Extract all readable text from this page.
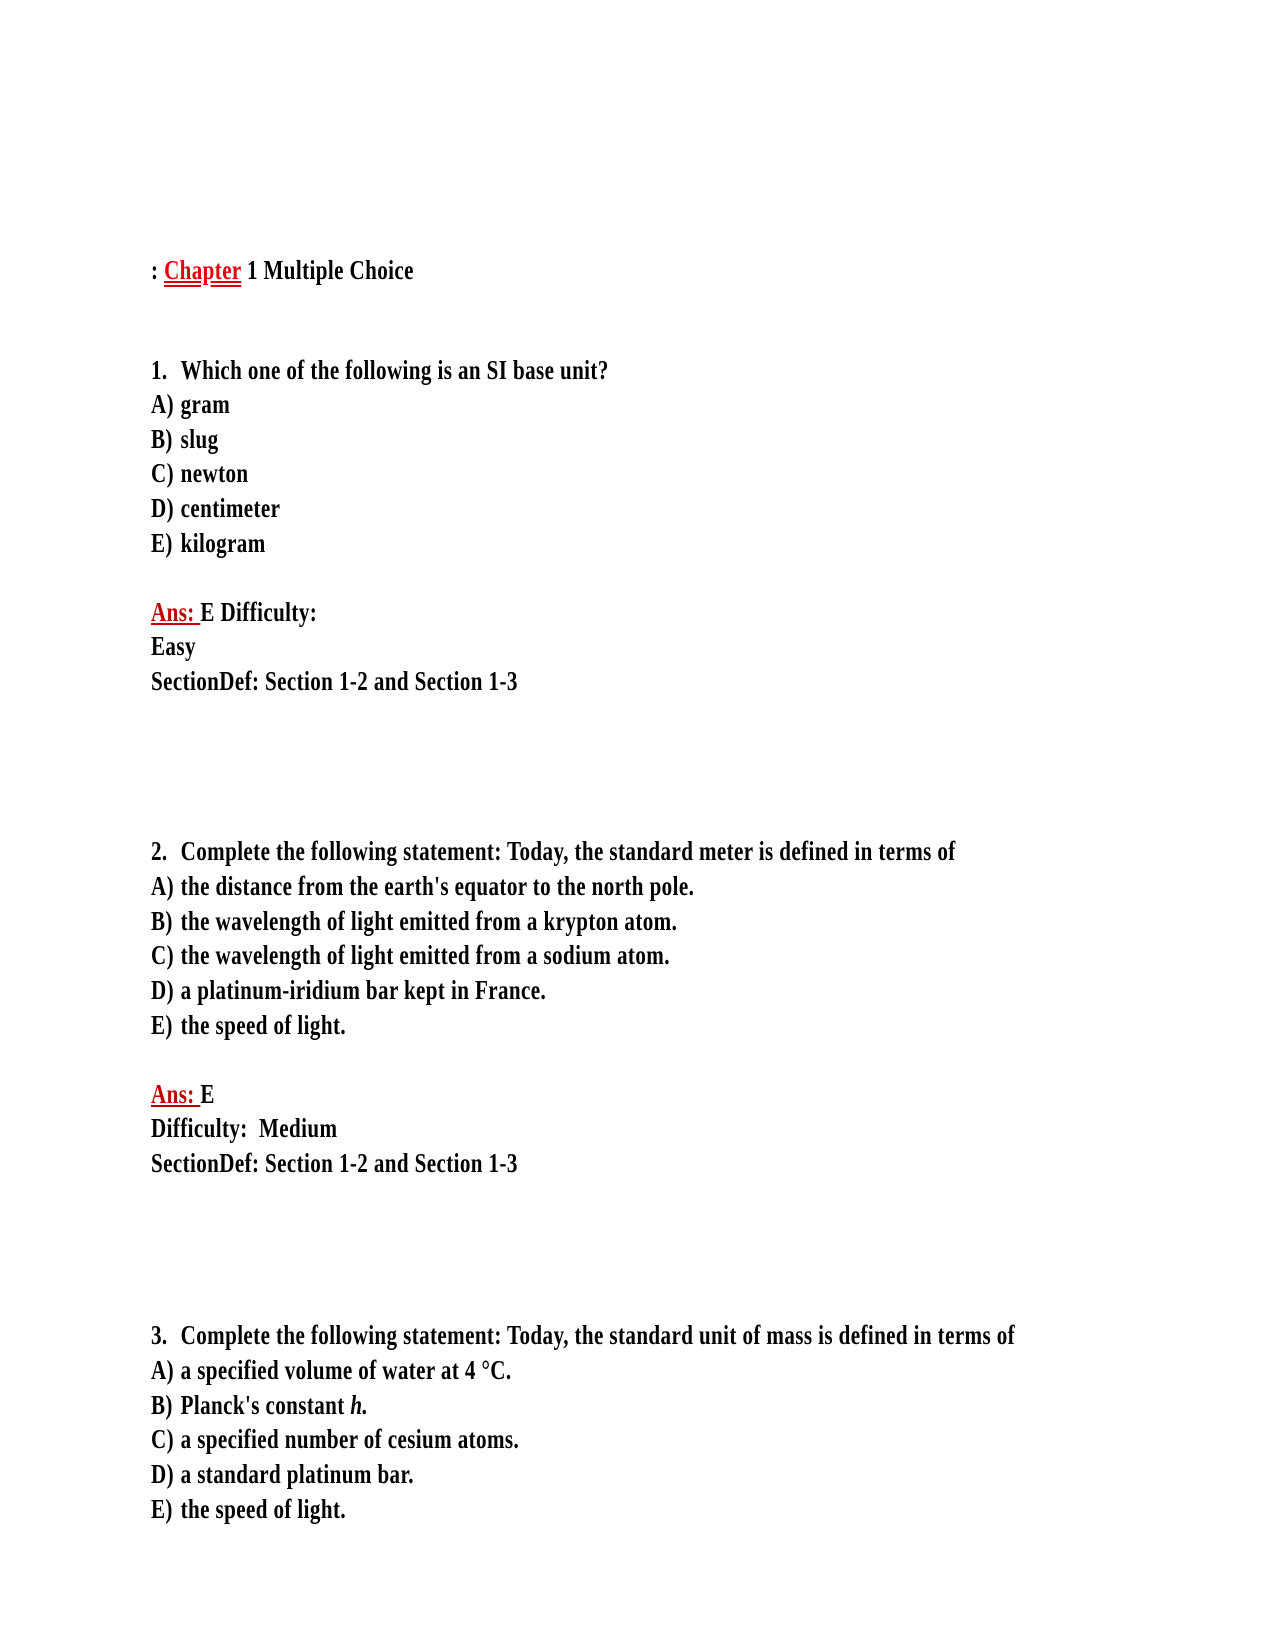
: Chapter 1 Multiple Choice
1. Which one of the following is an SI base unit?
A) gram
B) slug
C) newton
D) centimeter
E) kilogram
Ans: E Difficulty:
Easy
SectionDef: Section 1-2 and Section 1-3
2. Complete the following statement: Today, the standard meter is defined in terms of
A) the distance from the earth's equator to the north pole.
B) the wavelength of light emitted from a krypton atom.
C) the wavelength of light emitted from a sodium atom.
D) a platinum-iridium bar kept in France.
E) the speed of light.
Ans: E
Difficulty: Medium
SectionDef: Section 1-2 and Section 1-3
3. Complete the following statement: Today, the standard unit of mass is defined in terms of
A) a specified volume of water at 4 °C.
B) Planck's constant h.
C) a specified number of cesium atoms.
D) a standard platinum bar.
E) the speed of light.
